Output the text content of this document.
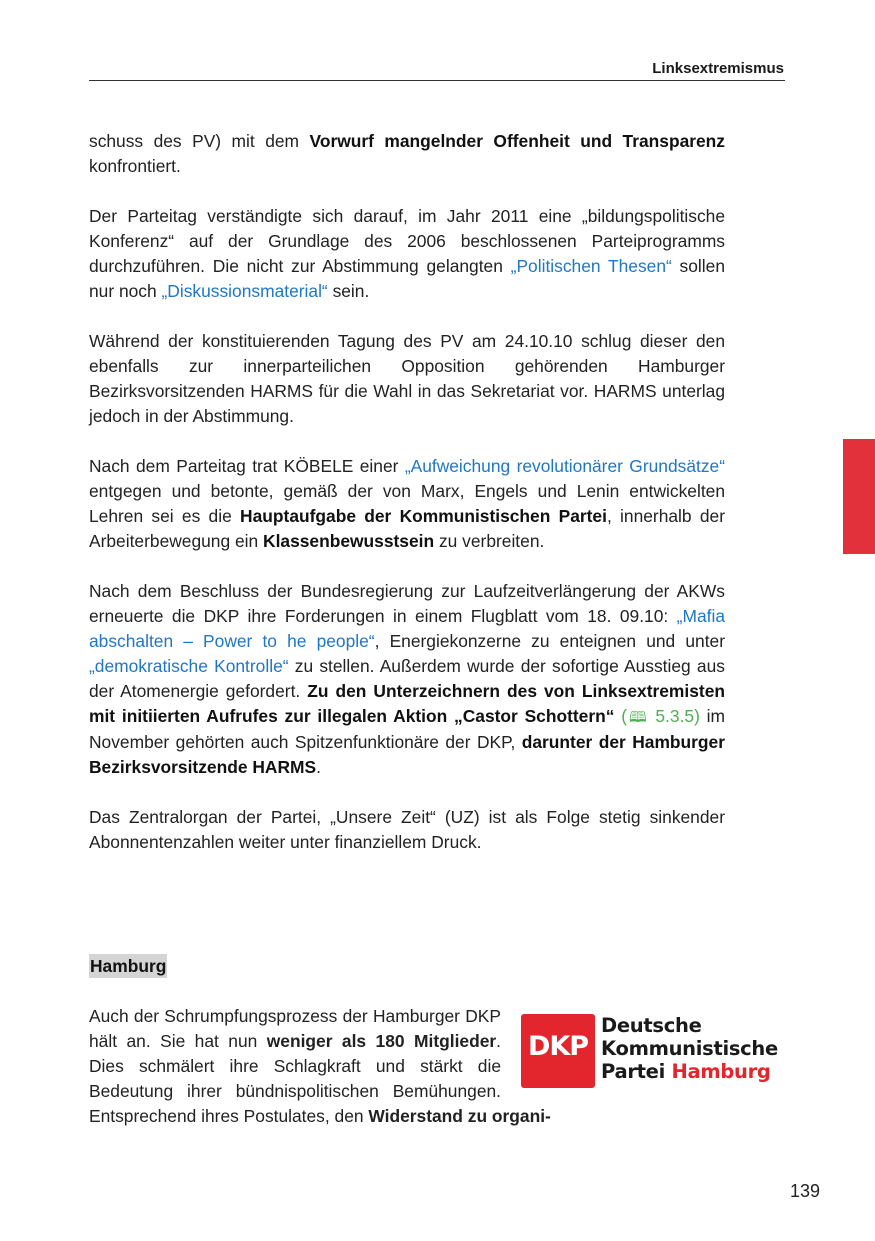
Linksextremismus

schuss des PV) mit dem Vorwurf mangelnder Offenheit und Transparenz konfrontiert.

Der Parteitag verständigte sich darauf, im Jahr 2011 eine „bildungspolitische Konferenz“ auf der Grundlage des 2006 beschlossenen Parteiprogramms durchzuführen. Die nicht zur Abstimmung gelangten „Politischen Thesen“ sollen nur noch „Diskussionsmaterial“ sein.

Während der konstituierenden Tagung des PV am 24.10.10 schlug dieser den ebenfalls zur innerparteilichen Opposition gehörenden Hamburger Bezirksvorsitzenden HARMS für die Wahl in das Sekretariat vor. HARMS unterlag jedoch in der Abstimmung.

Nach dem Parteitag trat KÖBELE einer „Aufweichung revolutionärer Grundsätze“ entgegen und betonte, gemäß der von Marx, Engels und Lenin entwickelten Lehren sei es die Hauptaufgabe der Kommunistischen Partei, innerhalb der Arbeiterbewegung ein Klassenbewusstsein zu verbreiten.

Nach dem Beschluss der Bundesregierung zur Laufzeitverlängerung der AKWs erneuerte die DKP ihre Forderungen in einem Flugblatt vom 18. 09.10: „Mafia abschalten – Power to he people“, Energiekonzerne zu enteignen und unter „demokratische Kontrolle“ zu stellen. Außerdem wurde der sofortige Ausstieg aus der Atomenergie gefordert. Zu den Unterzeichnern des von Linksextremisten mit initiierten Aufrufes zur illegalen Aktion „Castor Schottern“ (🕮 5.3.5) im November gehörten auch Spitzenfunktionäre der DKP, darunter der Hamburger Bezirksvorsitzende HARMS.

Das Zentralorgan der Partei, „Unsere Zeit“ (UZ) ist als Folge stetig sinkender Abonnentenzahlen weiter unter finanziellem Druck.

Hamburg
DKP
Deutsche
Kommunistische
Partei Hamburg

Auch der Schrumpfungsprozess der Hamburger DKP hält an. Sie hat nun weniger als 180 Mitglieder. Dies schmälert ihre Schlagkraft und stärkt die Bedeutung ihrer bündnispolitischen Bemühungen. Entsprechend ihres Postulates, den Widerstand zu organi-

139
